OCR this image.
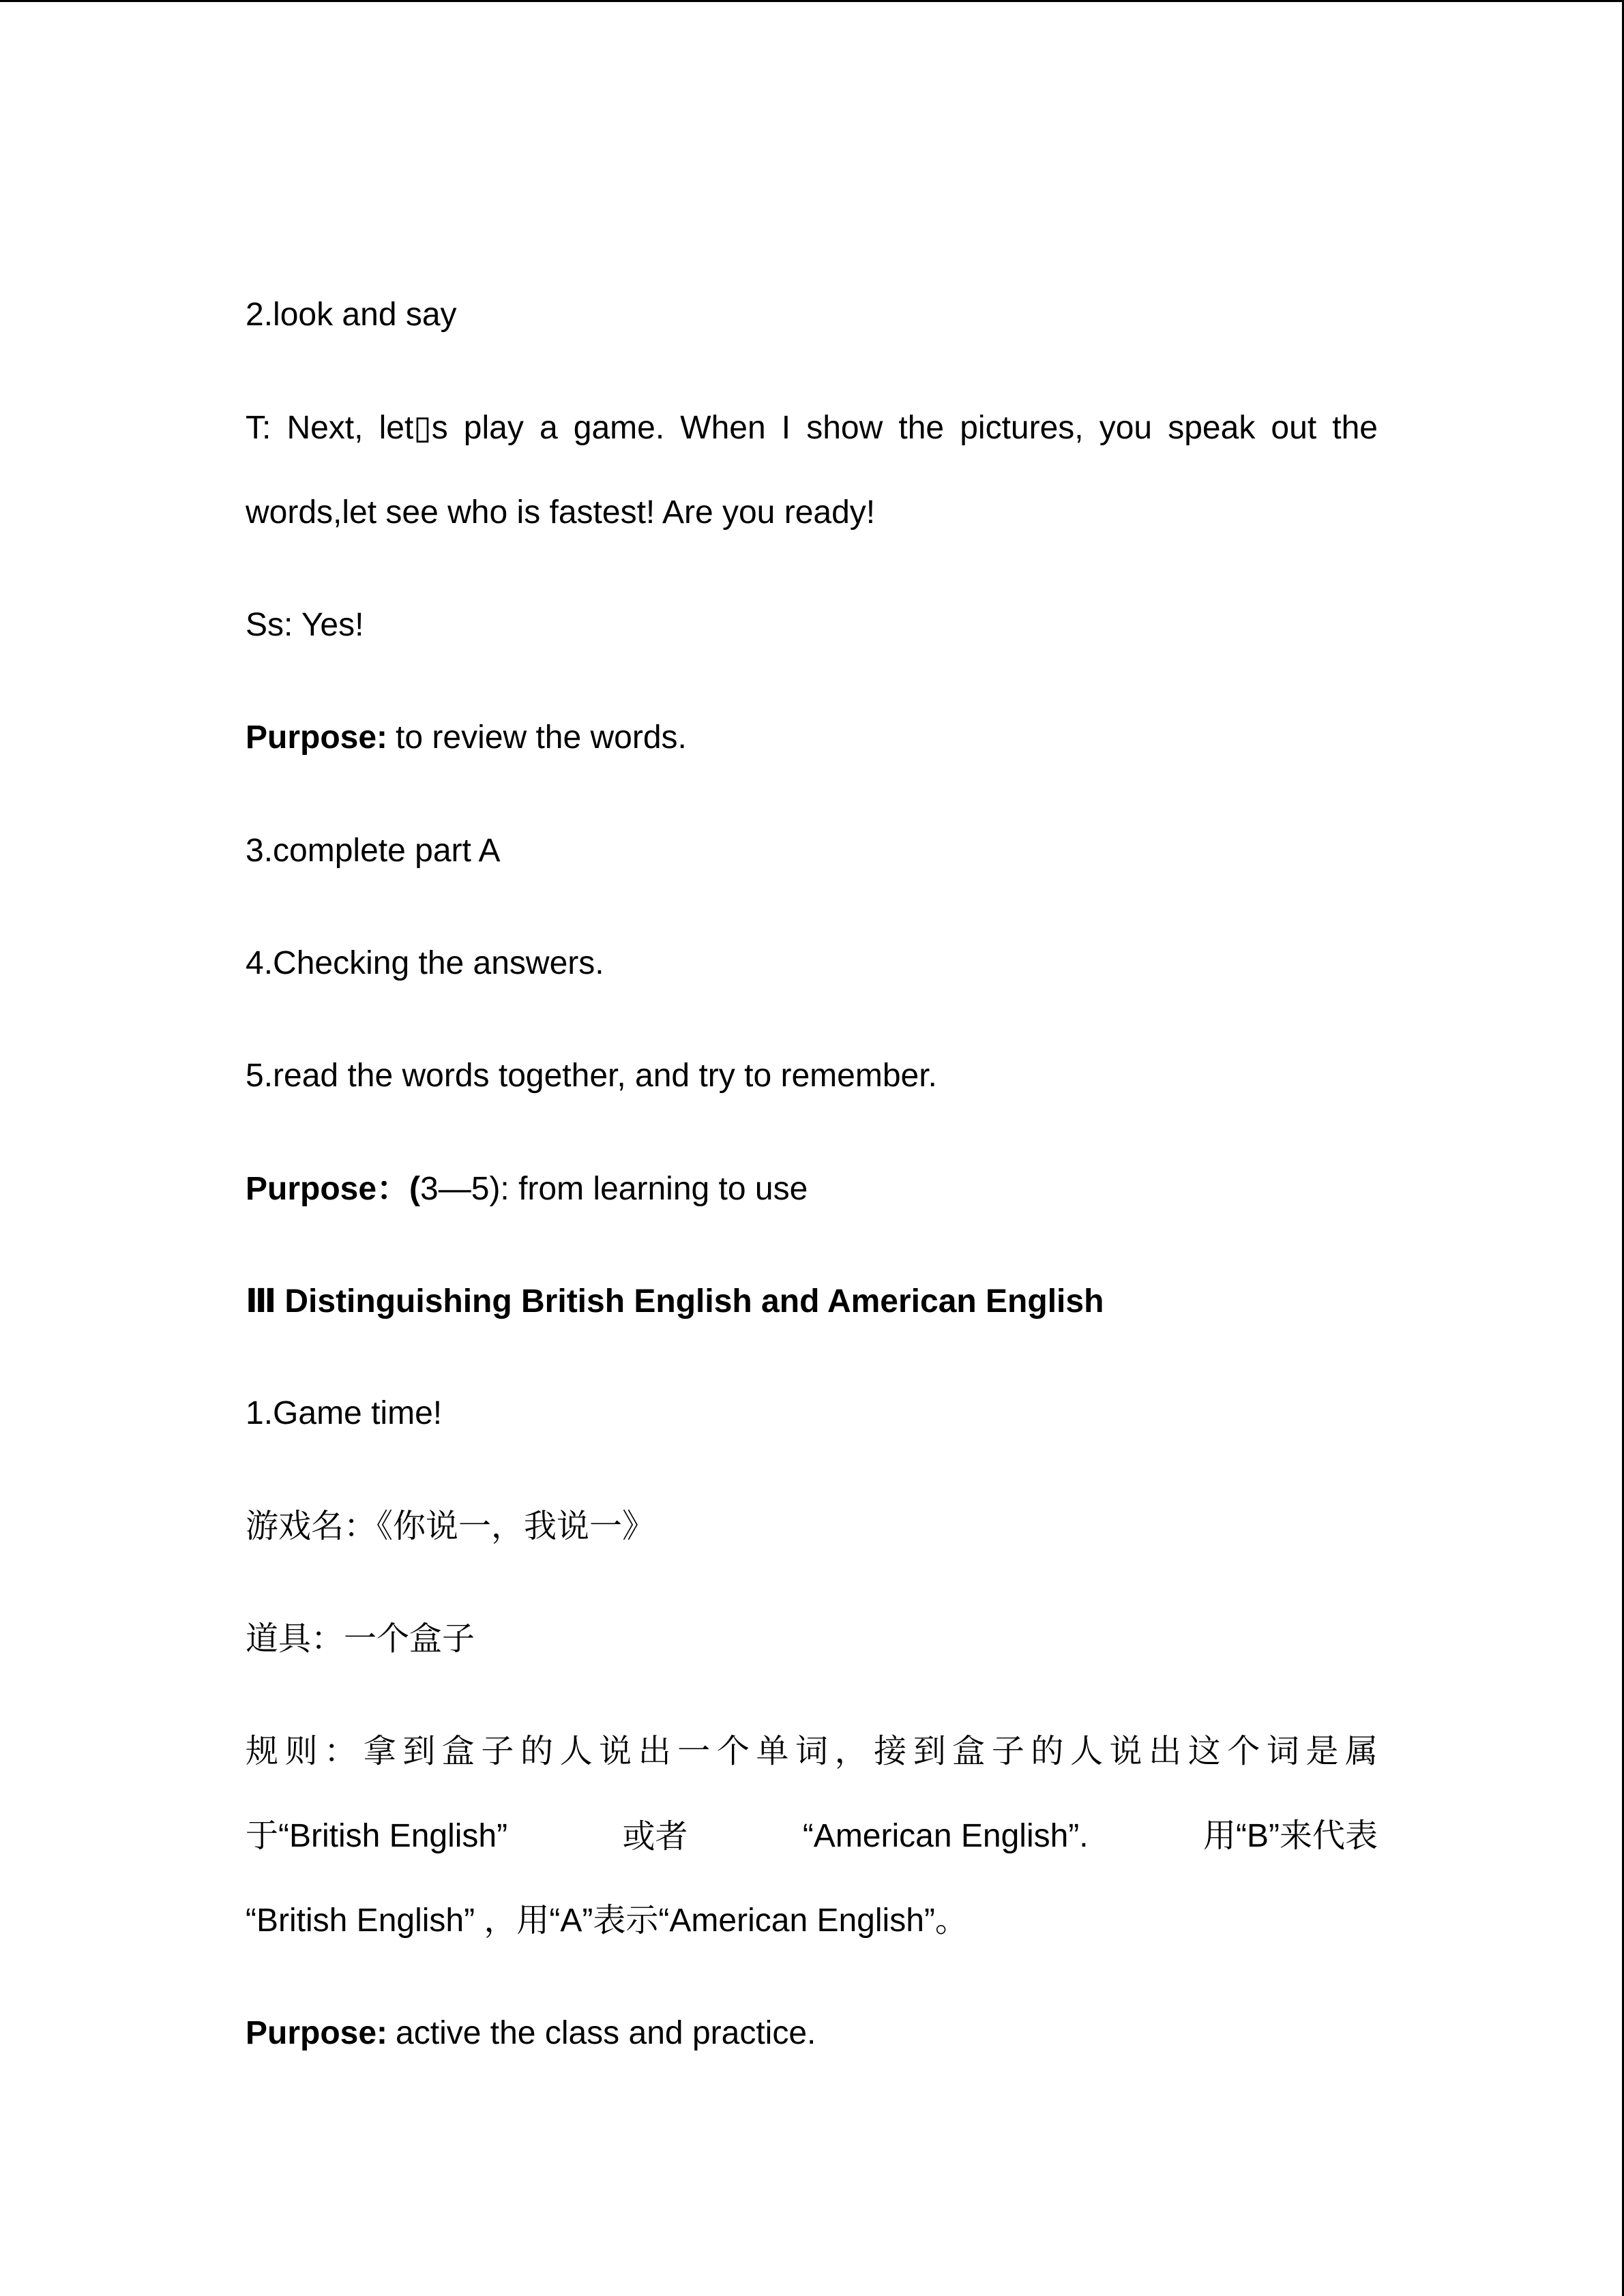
2.look and say
T: Next, let▯s play a game. When I show the pictures, you speak out the
words,let see who is fastest! Are you ready!
Ss: Yes!
Purpose: to review the words.
3.complete part A
4.Checking the answers.
5.read the words together, and try to remember.
Purpose：(3—5): from learning to use
Ⅲ Distinguishing British English and American English
1.Game time!
游戏名：《你说一，我说一》
道具：一个盒子
规则：拿到盒子的人说出一个单词，接到盒子的人说出这个词是属
于“British English”	或者	“American English”.	用“B”来代表
“British English” ，用“A”表示“American English”。
Purpose: active the class and practice.
